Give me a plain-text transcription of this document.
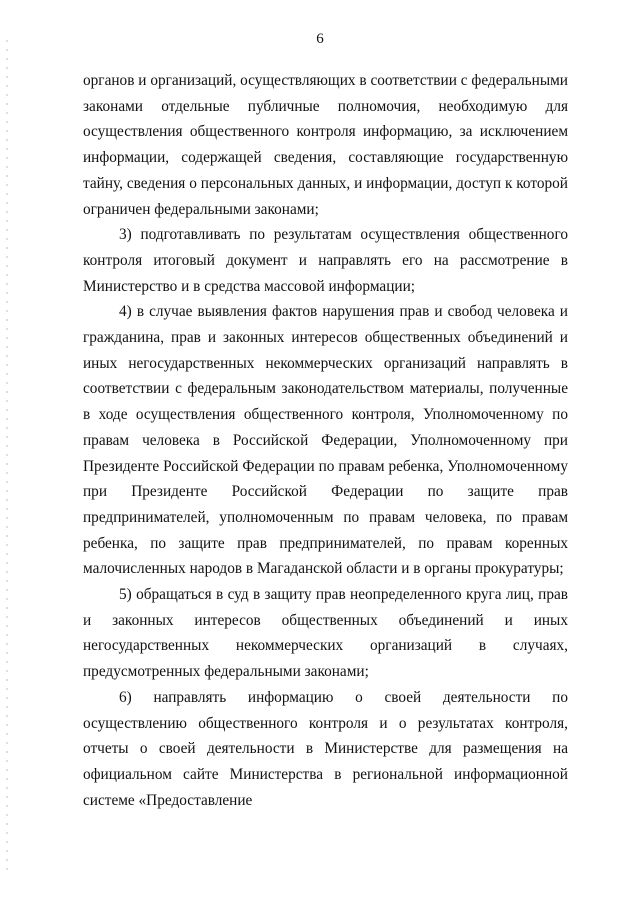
6

органов и организаций, осуществляющих в соответствии с федеральными законами отдельные публичные полномочия, необходимую для осуществления общественного контроля информацию, за исключением информации, содержащей сведения, составляющие государственную тайну, сведения о персональных данных, и информации, доступ к которой ограничен федеральными законами;

3) подготавливать по результатам осуществления общественного контроля итоговый документ и направлять его на рассмотрение в Министерство и в средства массовой информации;

4) в случае выявления фактов нарушения прав и свобод человека и гражданина, прав и законных интересов общественных объединений и иных негосударственных некоммерческих организаций направлять в соответствии с федеральным законодательством материалы, полученные в ходе осуществления общественного контроля, Уполномоченному по правам человека в Российской Федерации, Уполномоченному при Президенте Российской Федерации по правам ребенка, Уполномоченному при Президенте Российской Федерации по защите прав предпринимателей, уполномоченным по правам человека, по правам ребенка, по защите прав предпринимателей, по правам коренных малочисленных народов в Магаданской области и в органы прокуратуры;

5) обращаться в суд в защиту прав неопределенного круга лиц, прав и законных интересов общественных объединений и иных негосударственных некоммерческих организаций в случаях, предусмотренных федеральными законами;

6) направлять информацию о своей деятельности по осуществлению общественного контроля и о результатах контроля, отчеты о своей деятельности в Министерстве для размещения на официальном сайте Министерства в региональной информационной системе «Предоставление
